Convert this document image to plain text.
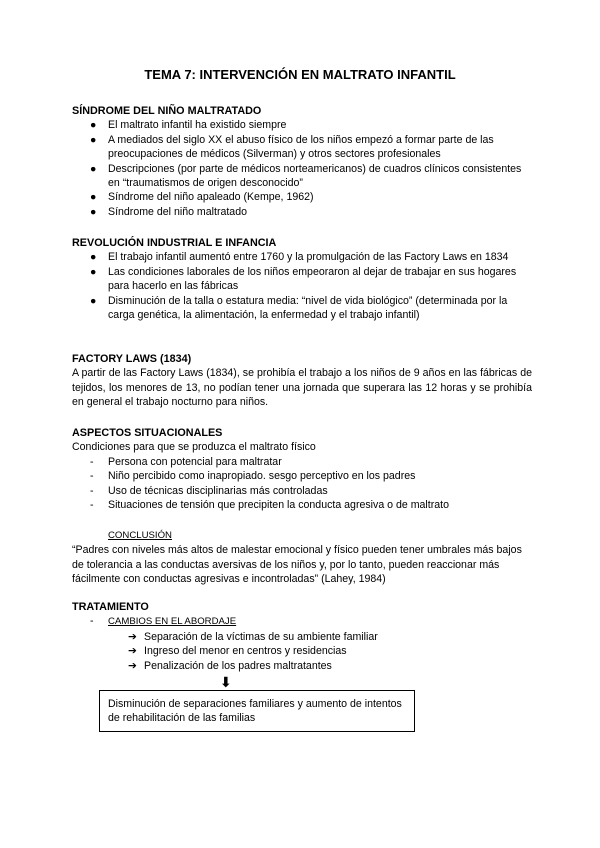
TEMA 7: INTERVENCIÓN EN MALTRATO INFANTIL
SÍNDROME DEL NIÑO MALTRATADO
● El maltrato infantil ha existido siempre
● A mediados del siglo XX el abuso físico de los niños empezó a formar parte de las preocupaciones de médicos (Silverman) y otros sectores profesionales
● Descripciones (por parte de médicos norteamericanos) de cuadros clínicos consistentes en “traumatismos de origen desconocido”
● Síndrome del niño apaleado (Kempe, 1962)
● Síndrome del niño maltratado
REVOLUCIÓN INDUSTRIAL E INFANCIA
● El trabajo infantil aumentó entre 1760 y la promulgación de las Factory Laws en 1834
● Las condiciones laborales de los niños empeoraron al dejar de trabajar en sus hogares para hacerlo en las fábricas
● Disminución de la talla o estatura media: “nivel de vida biológico” (determinada por la carga genética, la alimentación, la enfermedad y el trabajo infantil)
FACTORY LAWS (1834)
A partir de las Factory Laws (1834), se prohibía el trabajo a los niños de 9 años en las fábricas de tejidos, los menores de 13, no podían tener una jornada que superara las 12 horas y se prohibía en general el trabajo nocturno para niños.
ASPECTOS SITUACIONALES
Condiciones para que se produzca el maltrato físico
- Persona con potencial para maltratar
- Niño percibido como inapropiado. sesgo perceptivo en los padres
- Uso de técnicas disciplinarias más controladas
- Situaciones de tensión que precipiten la conducta agresiva o de maltrato
CONCLUSIÓN
“Padres con niveles más altos de malestar emocional y físico pueden tener umbrales más bajos de tolerancia a las conductas aversivas de los niños y, por lo tanto, pueden reaccionar más fácilmente con conductas agresivas e incontroladas” (Lahey, 1984)
TRATAMIENTO
- CAMBIOS EN EL ABORDAJE
➔ Separación de la víctimas de su ambiente familiar
➔ Ingreso del menor en centros y residencias
➔ Penalización de los padres maltratantes
⬇
Disminución de separaciones familiares y aumento de intentos de rehabilitación de las familias
